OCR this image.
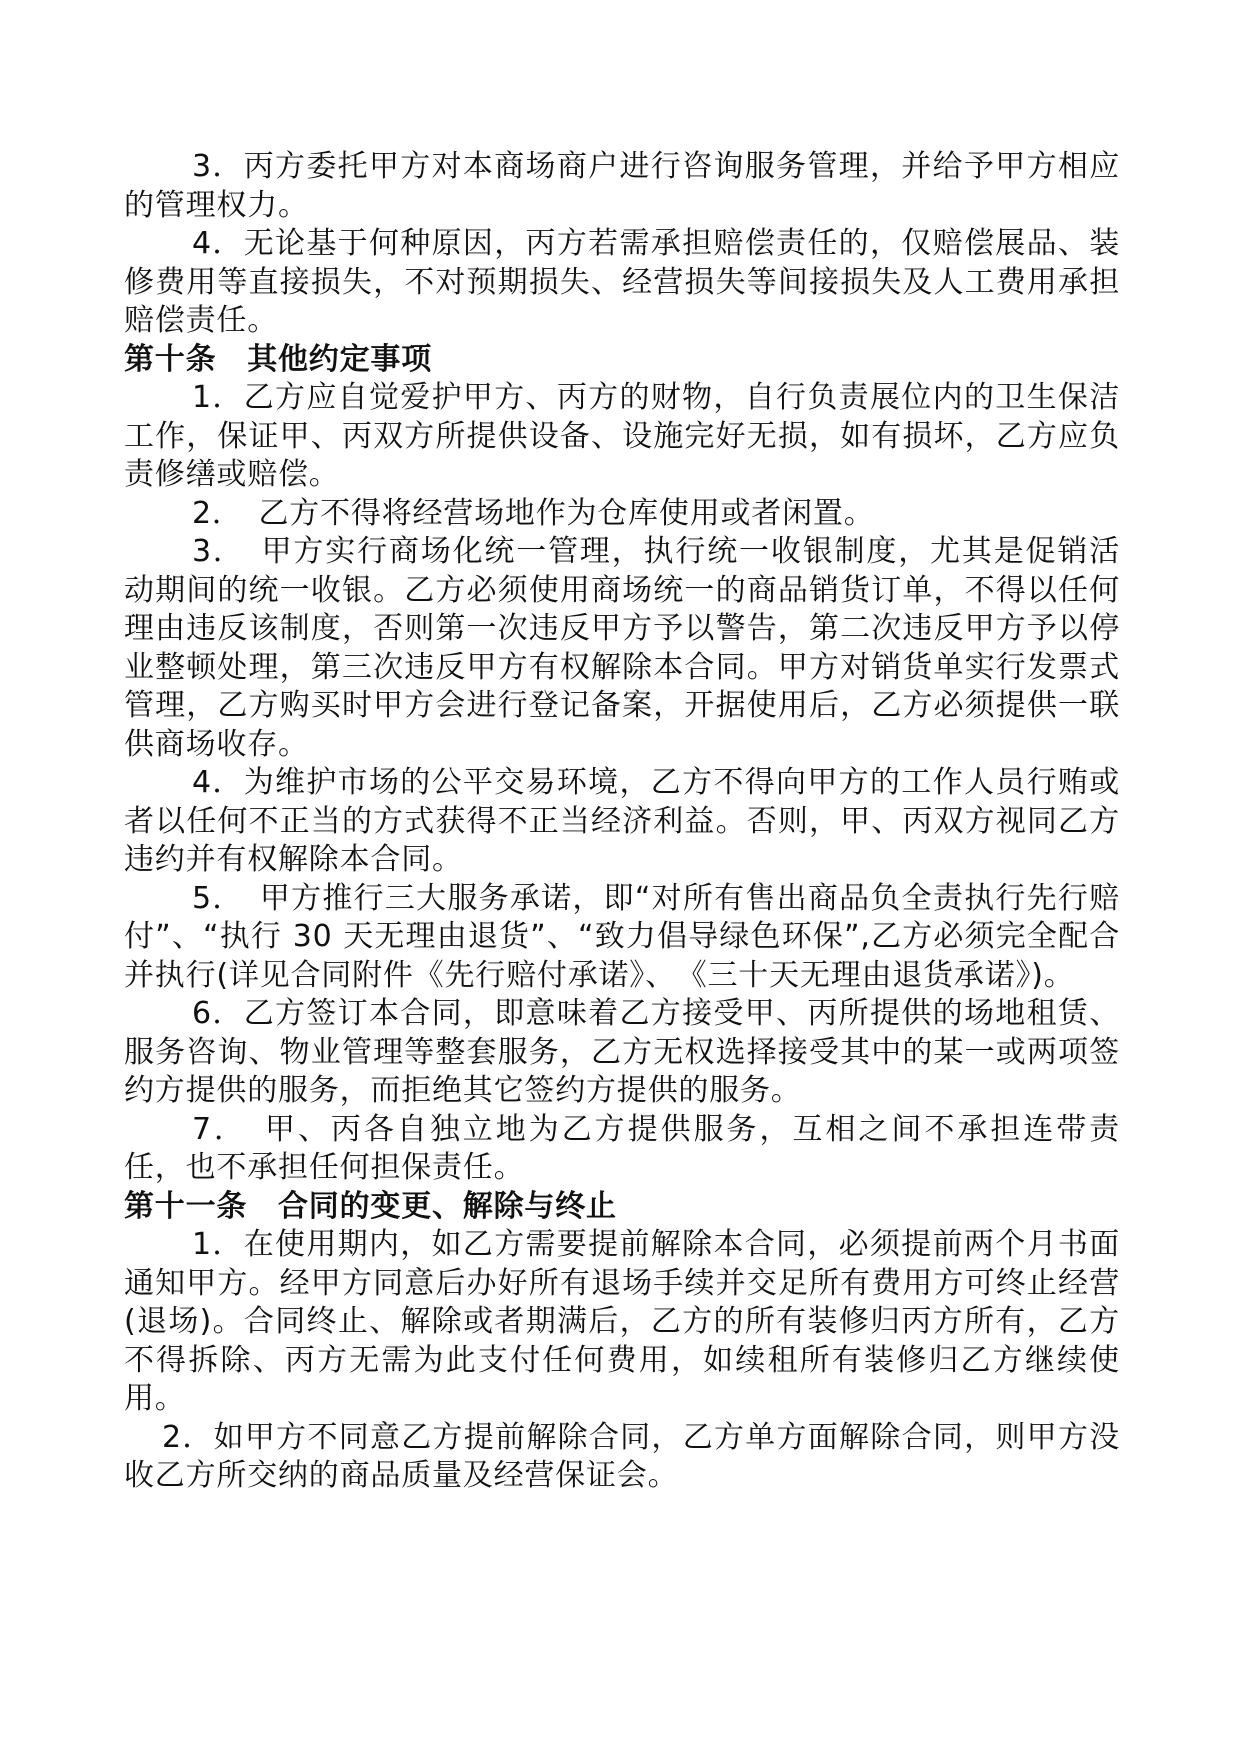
3．丙方委托甲方对本商场商户进行咨询服务管理，并给予甲方相应的管理权力。

4．无论基于何种原因，丙方若需承担赔偿责任的，仅赔偿展品、装修费用等直接损失，不对预期损失、经营损失等间接损失及人工费用承担赔偿责任。

第十条　其他约定事项

1．乙方应自觉爱护甲方、丙方的财物，自行负责展位内的卫生保洁工作，保证甲、丙双方所提供设备、设施完好无损，如有损坏，乙方应负责修缮或赔偿。

2．　乙方不得将经营场地作为仓库使用或者闲置。

3．　甲方实行商场化统一管理，执行统一收银制度，尤其是促销活动期间的统一收银。乙方必须使用商场统一的商品销货订单，不得以任何理由违反该制度，否则第一次违反甲方予以警告，第二次违反甲方予以停业整顿处理，第三次违反甲方有权解除本合同。甲方对销货单实行发票式管理，乙方购买时甲方会进行登记备案，开据使用后，乙方必须提供一联供商场收存。

4．为维护市场的公平交易环境，乙方不得向甲方的工作人员行贿或者以任何不正当的方式获得不正当经济利益。否则，甲、丙双方视同乙方违约并有权解除本合同。

5．　甲方推行三大服务承诺，即“对所有售出商品负全责执行先行赔付”、“执行 30 天无理由退货”、“致力倡导绿色环保”,乙方必须完全配合并执行(详见合同附件《先行赔付承诺》、　《三十天无理由退货承诺》)。

6．乙方签订本合同，即意味着乙方接受甲、丙所提供的场地租赁、服务咨询、物业管理等整套服务，乙方无权选择接受其中的某一或两项签约方提供的服务，而拒绝其它签约方提供的服务。

7．　甲、丙各自独立地为乙方提供服务，互相之间不承担连带责任，也不承担任何担保责任。

第十一条　合同的变更、解除与终止

1．在使用期内，如乙方需要提前解除本合同，必须提前两个月书面通知甲方。经甲方同意后办好所有退场手续并交足所有费用方可终止经营(退场)。合同终止、解除或者期满后，乙方的所有装修归丙方所有，乙方不得拆除、丙方无需为此支付任何费用，如续租所有装修归乙方继续使用。

2．如甲方不同意乙方提前解除合同，乙方单方面解除合同，则甲方没收乙方所交纳的商品质量及经营保证会。
